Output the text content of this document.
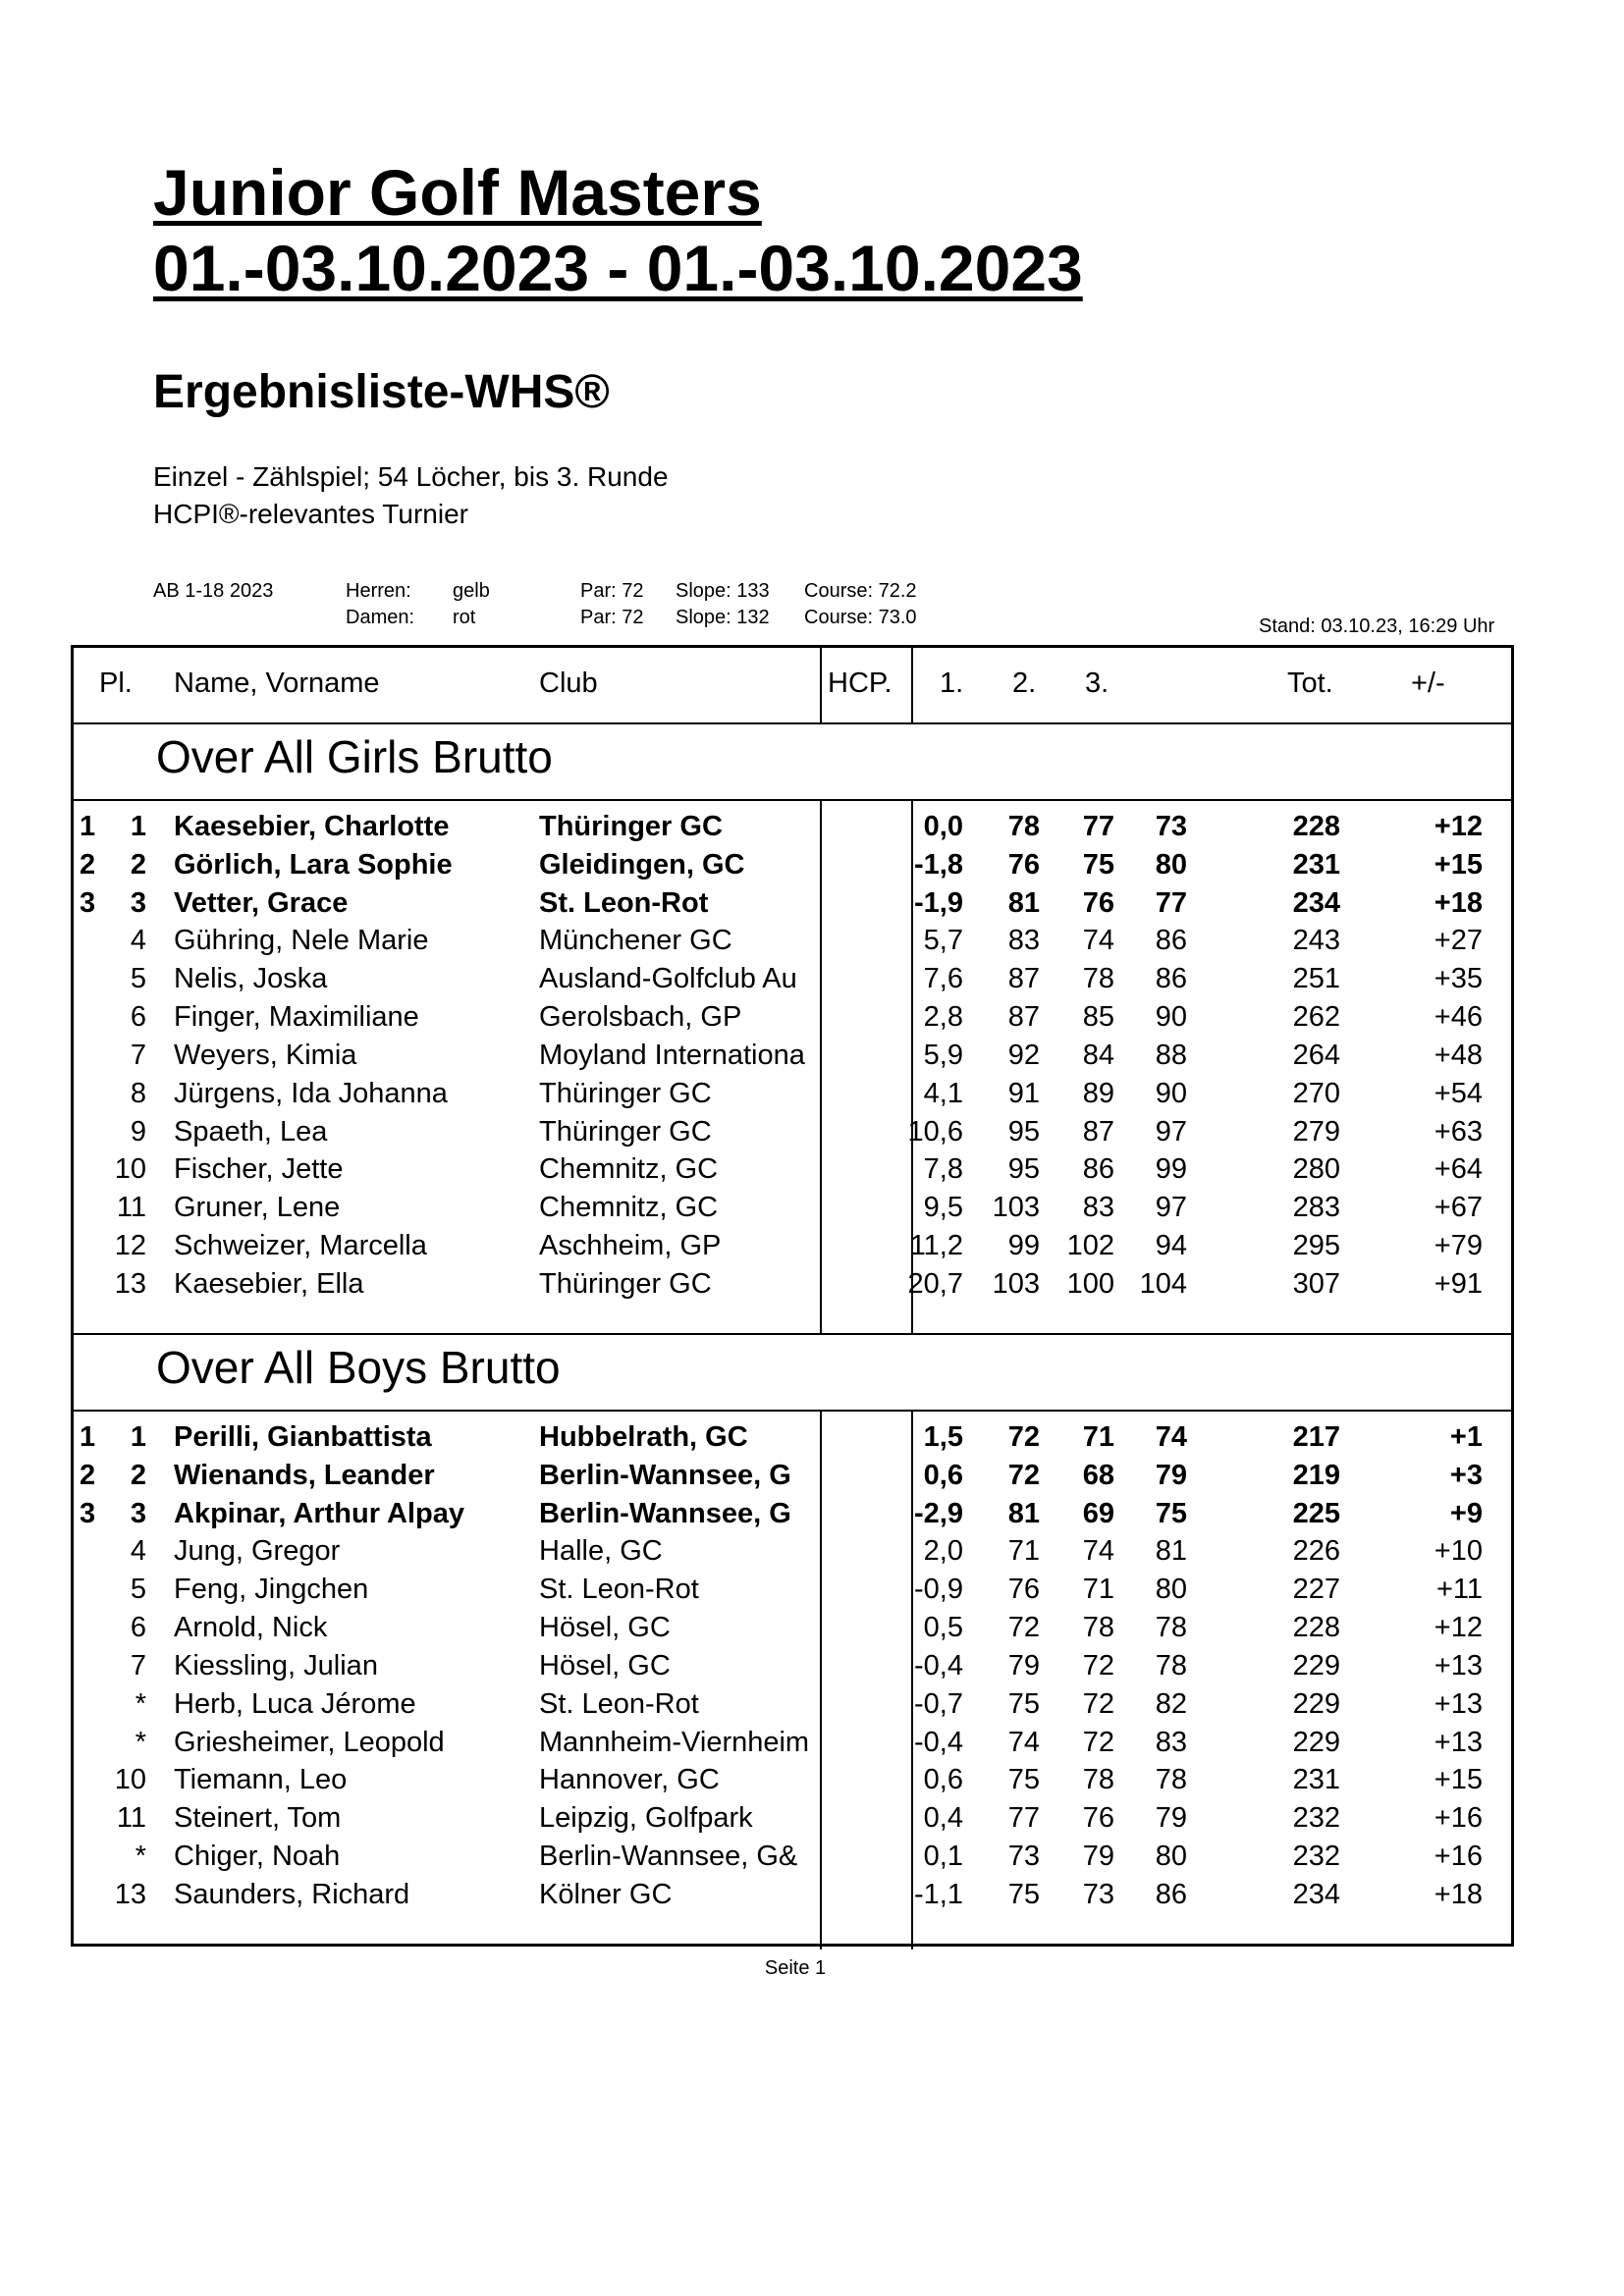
Junior Golf Masters
01.-03.10.2023 - 01.-03.10.2023
Ergebnisliste-WHS®
Einzel - Zählspiel; 54 Löcher, bis 3. Runde
HCPI®-relevantes Turnier
AB 1-18 2023	Herren: gelb	Par: 72 Slope: 133 Course: 72.2
Damen: rot	Par: 72 Slope: 132 Course: 73.0	Stand: 03.10.23, 16:29 Uhr
Pl. Name, Vorname	Club	HCP. 1. 2. 3.	Tot.	+/-
Over All Girls Brutto
Over All Boys Brutto
1	1 Kaesebier, Charlotte	Thüringer GC	0,0	78	77	73	228	+12
2	2 Görlich, Lara Sophie	Gleidingen, GC	-1,8	76	75	80	231	+15
3	3 Vetter, Grace	St. Leon-Rot	-1,9	81	76	77	234	+18
4 Gühring, Nele Marie	Münchener GC	5,7	83	74	86	243	+27
5 Nelis, Joska	Ausland-Golfclub Au	7,6	87	78	86	251	+35
6 Finger, Maximiliane	Gerolsbach, GP	2,8	87	85	90	262	+46
7 Weyers, Kimia	Moyland Internationa	5,9	92	84	88	264	+48
8 Jürgens, Ida Johanna	Thüringer GC	4,1	91	89	90	270	+54
9 Spaeth, Lea	Thüringer GC	10,6	95	87	97	279	+63
10 Fischer, Jette	Chemnitz, GC	7,8	95	86	99	280	+64
11 Gruner, Lene	Chemnitz, GC	9,5	103	83	97	283	+67
12 Schweizer, Marcella	Aschheim, GP	11,2	99 102	94	295	+79
13 Kaesebier, Ella	Thüringer GC	20,7	103 100 104	307	+91
1	1 Perilli, Gianbattista	Hubbelrath, GC	1,5	72	71	74	217	+1
2	2 Wienands, Leander	Berlin-Wannsee, G	0,6	72	68	79	219	+3
3	3 Akpinar, Arthur Alpay	Berlin-Wannsee, G	-2,9	81	69	75	225	+9
4 Jung, Gregor	Halle, GC	2,0	71	74	81	226	+10
5 Feng, Jingchen	St. Leon-Rot	-0,9	76	71	80	227	+11
6 Arnold, Nick	Hösel, GC	0,5	72	78	78	228	+12
7 Kiessling, Julian	Hösel, GC	-0,4	79	72	78	229	+13
* Herb, Luca Jérome	St. Leon-Rot	-0,7	75	72	82	229	+13
* Griesheimer, Leopold	Mannheim-Viernheim	-0,4	74	72	83	229	+13
10 Tiemann, Leo	Hannover, GC	0,6	75	78	78	231	+15
11 Steinert, Tom	Leipzig, Golfpark	0,4	77	76	79	232	+16
* Chiger, Noah	Berlin-Wannsee, G&	0,1	73	79	80	232	+16
13 Saunders, Richard	Kölner GC	-1,1	75	73	86	234	+18
Seite 1
